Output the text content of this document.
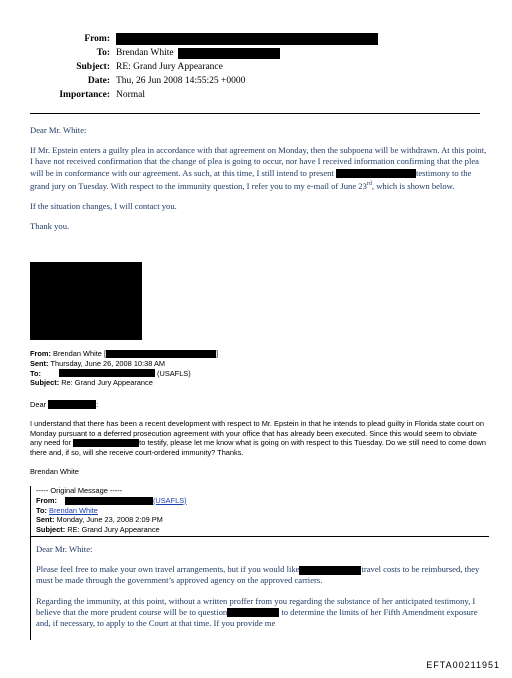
From:
To: Brendan White
Subject: RE: Grand Jury Appearance
Date: Thu, 26 Jun 2008 14:55:25 +0000
Importance: Normal

Dear Mr. White:

If Mr. Epstein enters a guilty plea in accordance with that agreement on Monday, then the subpoena will be withdrawn. At this point, I have not received confirmation that the change of plea is going to occur, nor have I received information confirming that the plea will be in conformance with our agreement. As such, at this time, I still intend to present	testimony to the grand jury on Tuesday. With respect to the immunity question, I refer you to my e-mail of June 23rd, which is shown below.

If the situation changes, I will contact you.

Thank you.

From:
Brendan White [	]
Sent:
Thursday, June 26, 2008 10:38 AM
To:
	(USAFLS)
Subject:
Re: Grand Jury Appearance
Dear
	:

I understand that there has been a recent development with respect to Mr. Epstein in that he intends to plead guilty in Florida state court on Monday pursuant to a deferred prosecution agreement with your office that has already been executed. Since this would seem to obviate any need for	to testify, please let me know what is going on with respect to this Tuesday. Do we still need to come down there and, if so, will she receive court-ordered immunity? Thanks.

Brendan White

----- Original Message -----
From:	(USAFLS)
To:
Brendan White
Sent:
Monday, June 23, 2008 2:09 PM
Subject:
RE: Grand Jury Appearance

Dear Mr. White:

Please feel free to make your own travel arrangements, but if you would like	travel costs to be reimbursed, they must be made through the government’s approved agency on the approved carriers.

Regarding the immunity, at this point, without a written proffer from you regarding the substance of her anticipated testimony, I believe that the more prudent course will be to question	to determine the limits of her Fifth Amendment exposure and, if necessary, to apply to the Court at that time. If you provide me

EFTA00211951
